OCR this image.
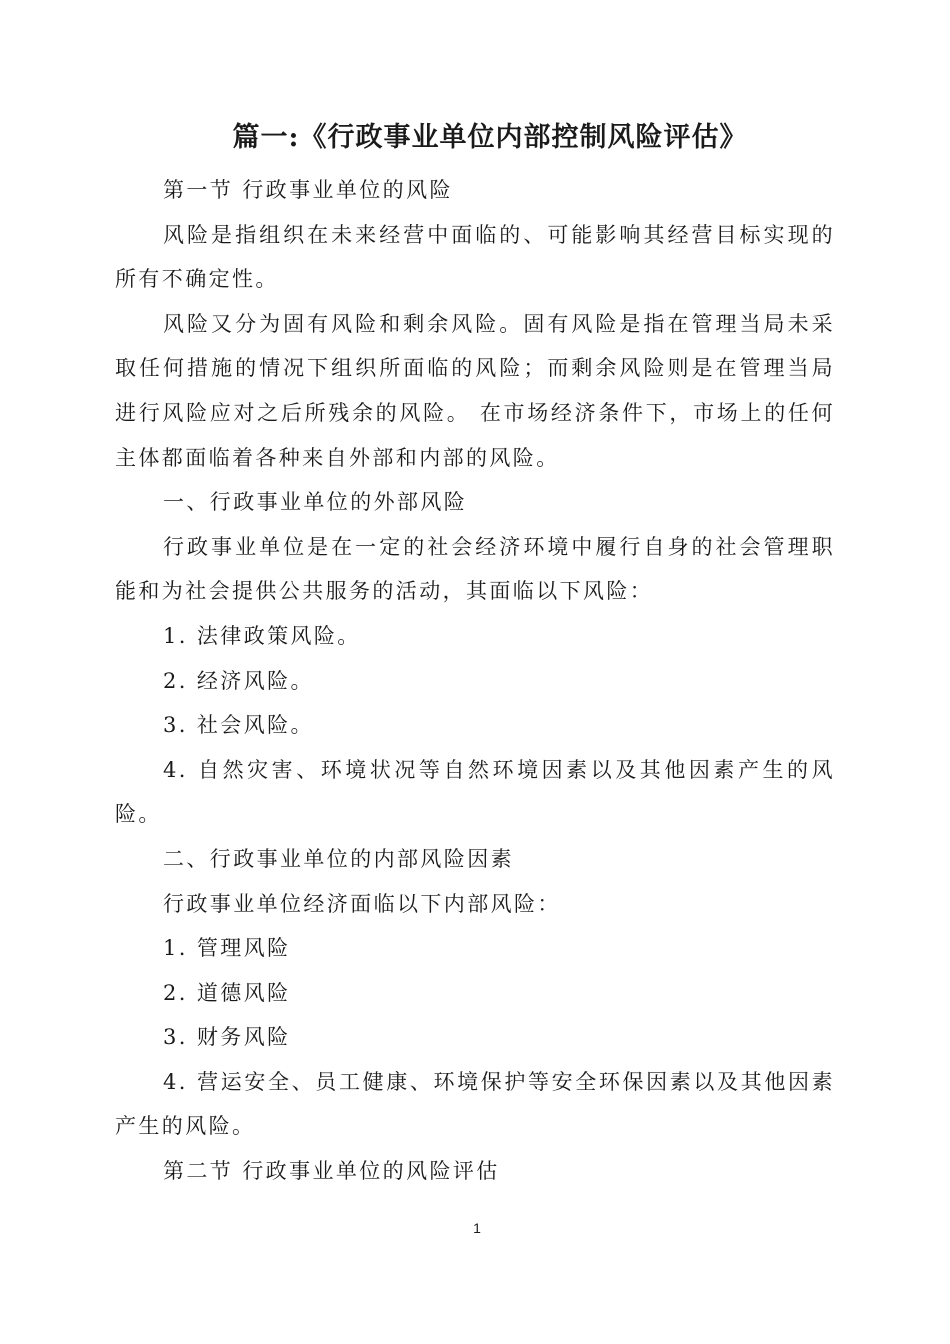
篇一:《行政事业单位内部控制风险评估》

第一节 行政事业单位的风险

风险是指组织在未来经营中面临的、可能影响其经营目标实现的所有不确定性。

风险又分为固有风险和剩余风险。固有风险是指在管理当局未采取任何措施的情况下组织所面临的风险；而剩余风险则是在管理当局进行风险应对之后所残余的风险。 在市场经济条件下，市场上的任何主体都面临着各种来自外部和内部的风险。

一、行政事业单位的外部风险

行政事业单位是在一定的社会经济环境中履行自身的社会管理职能和为社会提供公共服务的活动，其面临以下风险：

1. 法律政策风险。

2. 经济风险。

3. 社会风险。

4. 自然灾害、环境状况等自然环境因素以及其他因素产生的风险。

二、行政事业单位的内部风险因素

行政事业单位经济面临以下内部风险：

1. 管理风险

2. 道德风险

3. 财务风险

4. 营运安全、员工健康、环境保护等安全环保因素以及其他因素产生的风险。

第二节 行政事业单位的风险评估

1
